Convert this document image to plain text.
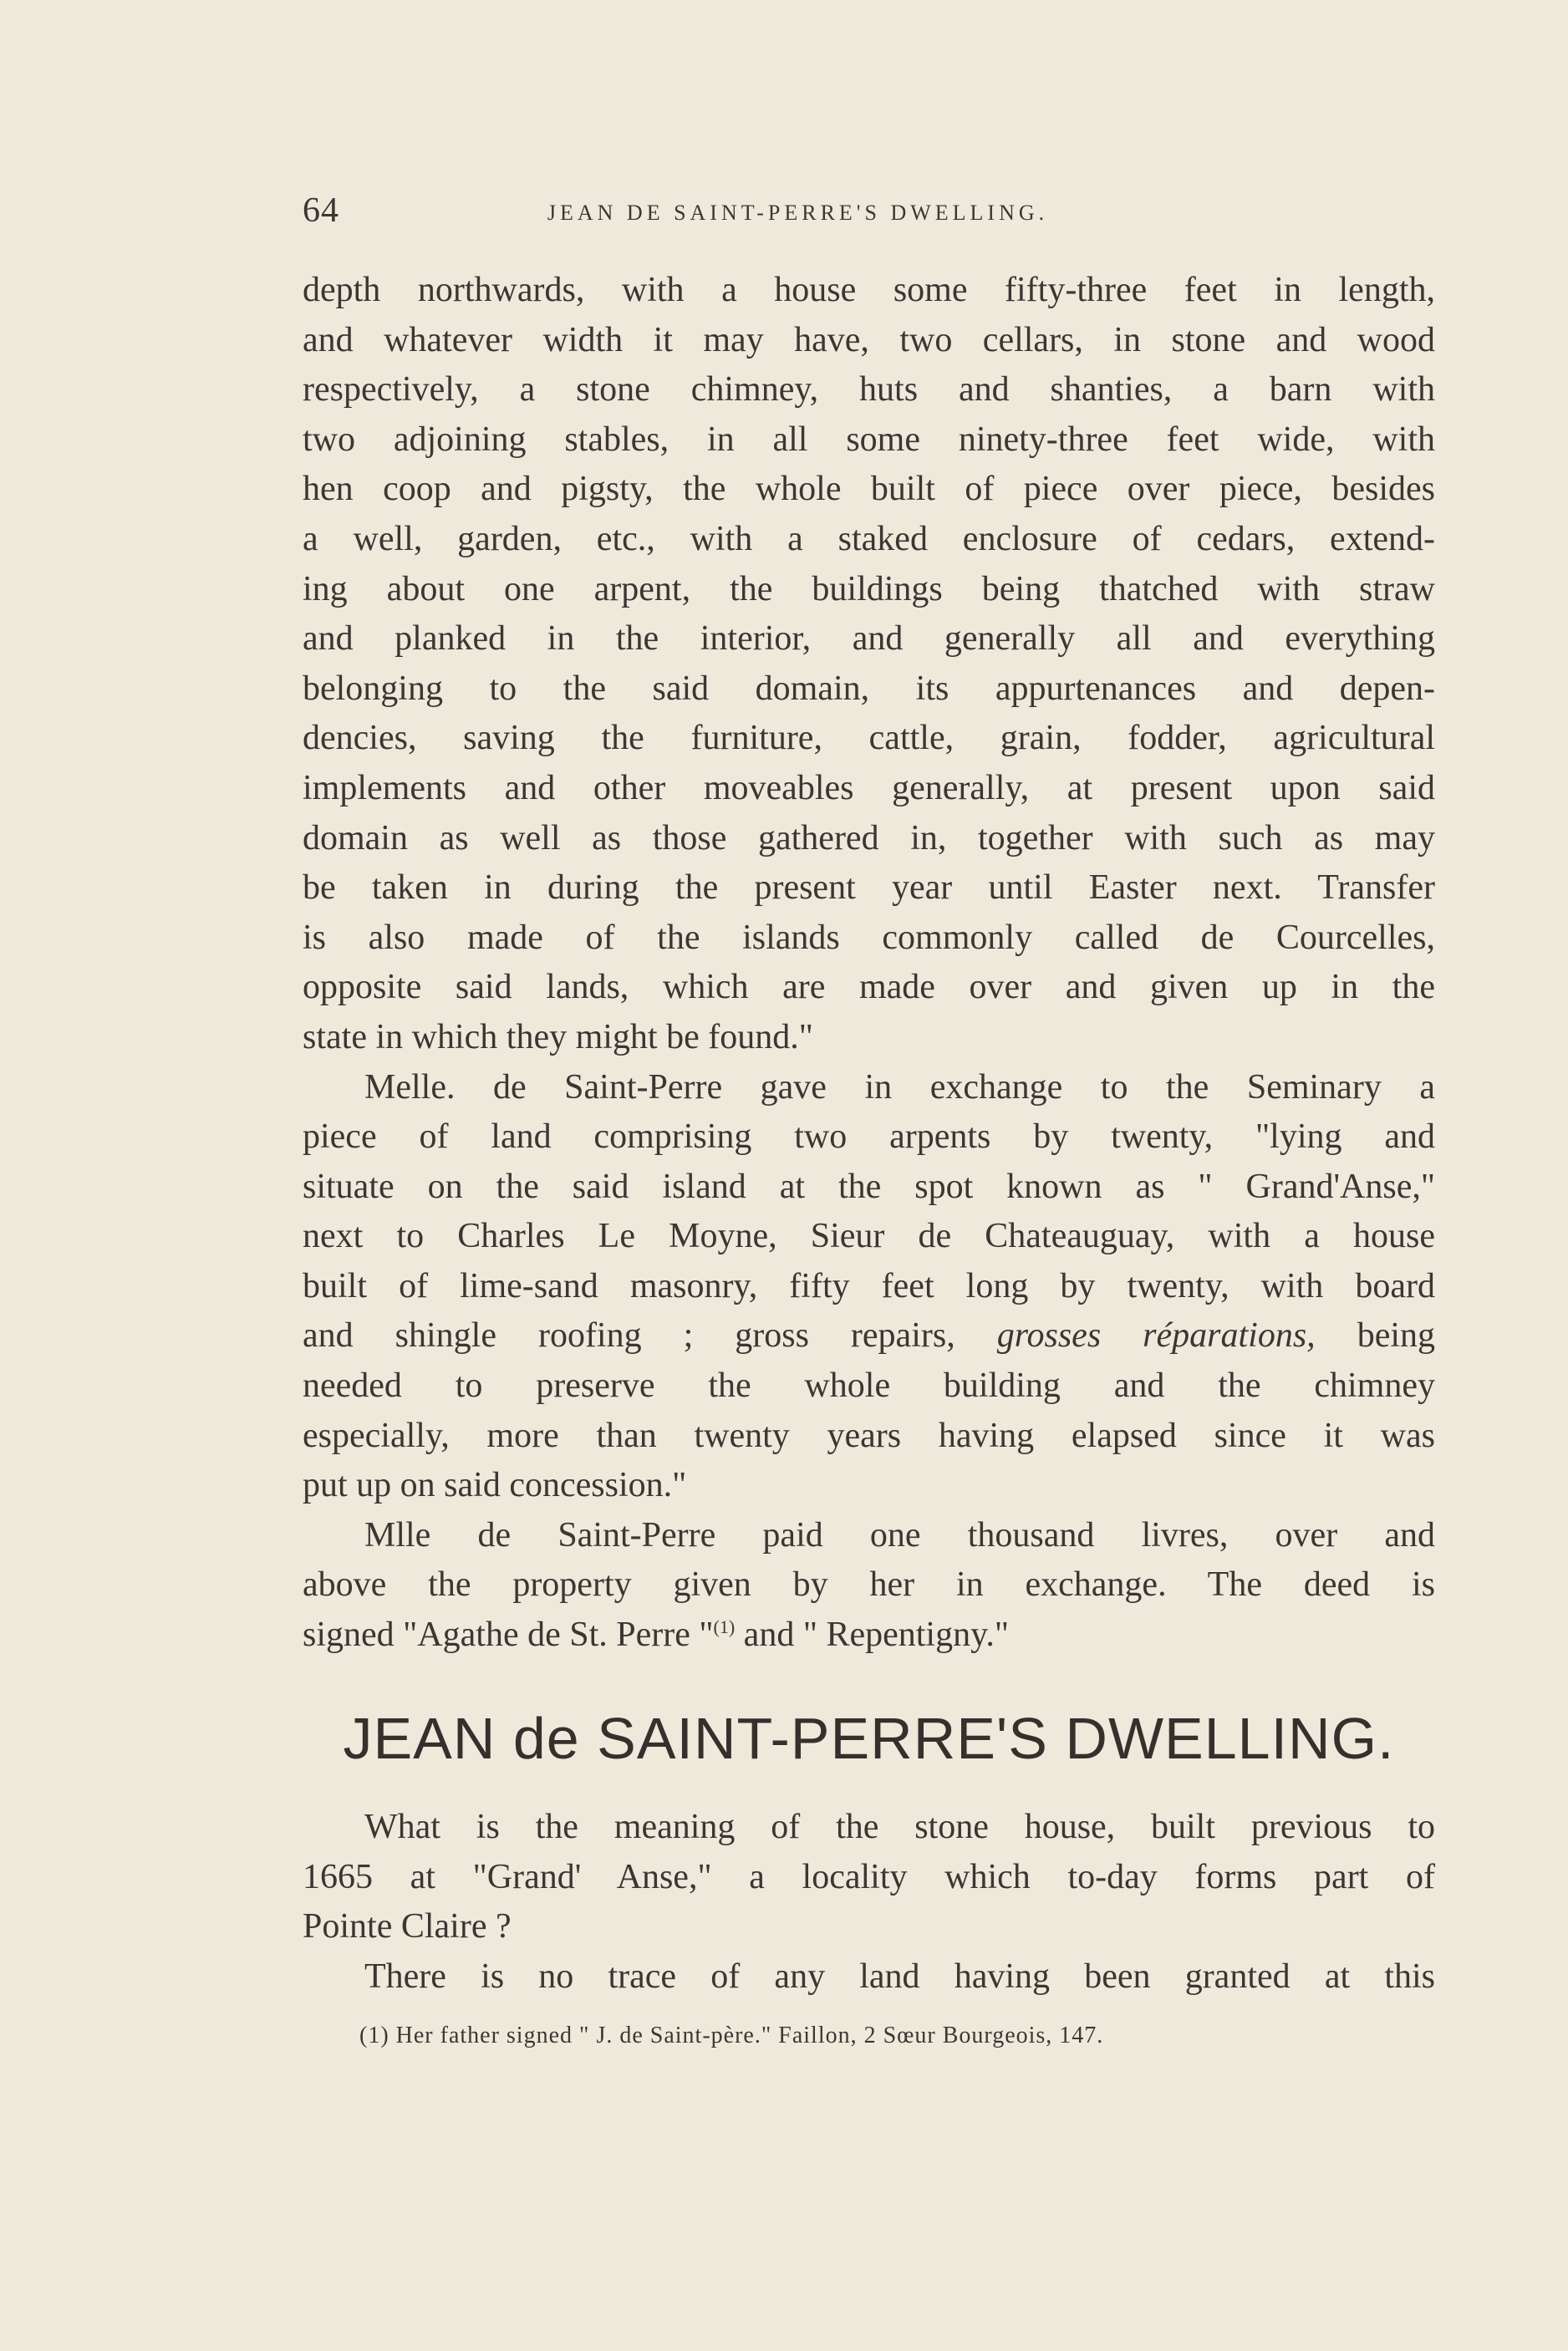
64	JEAN DE SAINT-PERRE'S DWELLING.
depth northwards, with a house some fifty-three feet in length,
and whatever width it may have, two cellars, in stone and wood
respectively, a stone chimney, huts and shanties, a barn with
two adjoining stables, in all some ninety-three feet wide, with
hen coop and pigsty, the whole built of piece over piece, besides
a well, garden, etc., with a staked enclosure of cedars, extend-
ing about one arpent, the buildings being thatched with straw
and planked in the interior, and generally all and everything
belonging to the said domain, its appurtenances and depen-
dencies, saving the furniture, cattle, grain, fodder, agricultural
implements and other moveables generally, at present upon said
domain as well as those gathered in, together with such as may
be taken in during the present year until Easter next. Transfer
is also made of the islands commonly called de Courcelles,
opposite said lands, which are made over and given up in the
state in which they might be found."
Melle. de Saint-Perre gave in exchange to the Seminary a
piece of land comprising two arpents by twenty, "lying and
situate on the said island at the spot known as " Grand'Anse,"
next to Charles Le Moyne, Sieur de Chateauguay, with a house
built of lime-sand masonry, fifty feet long by twenty, with board
and shingle roofing ; gross repairs, grosses réparations, being
needed to preserve the whole building and the chimney
especially, more than twenty years having elapsed since it was
put up on said concession."
Mlle de Saint-Perre paid one thousand livres, over and
above the property given by her in exchange. The deed is
signed "Agathe de St. Perre "$^{(1)}$ and " Repentigny."
JEAN de SAINT-PERRE'S DWELLING.
What is the meaning of the stone house, built previous to
1665 at "Grand' Anse," a locality which to-day forms part of
Pointe Claire ?
There is no trace of any land having been granted at this
(1) Her father signed " J. de Saint-père." Faillon, 2 Sœur Bourgeois, 147.
